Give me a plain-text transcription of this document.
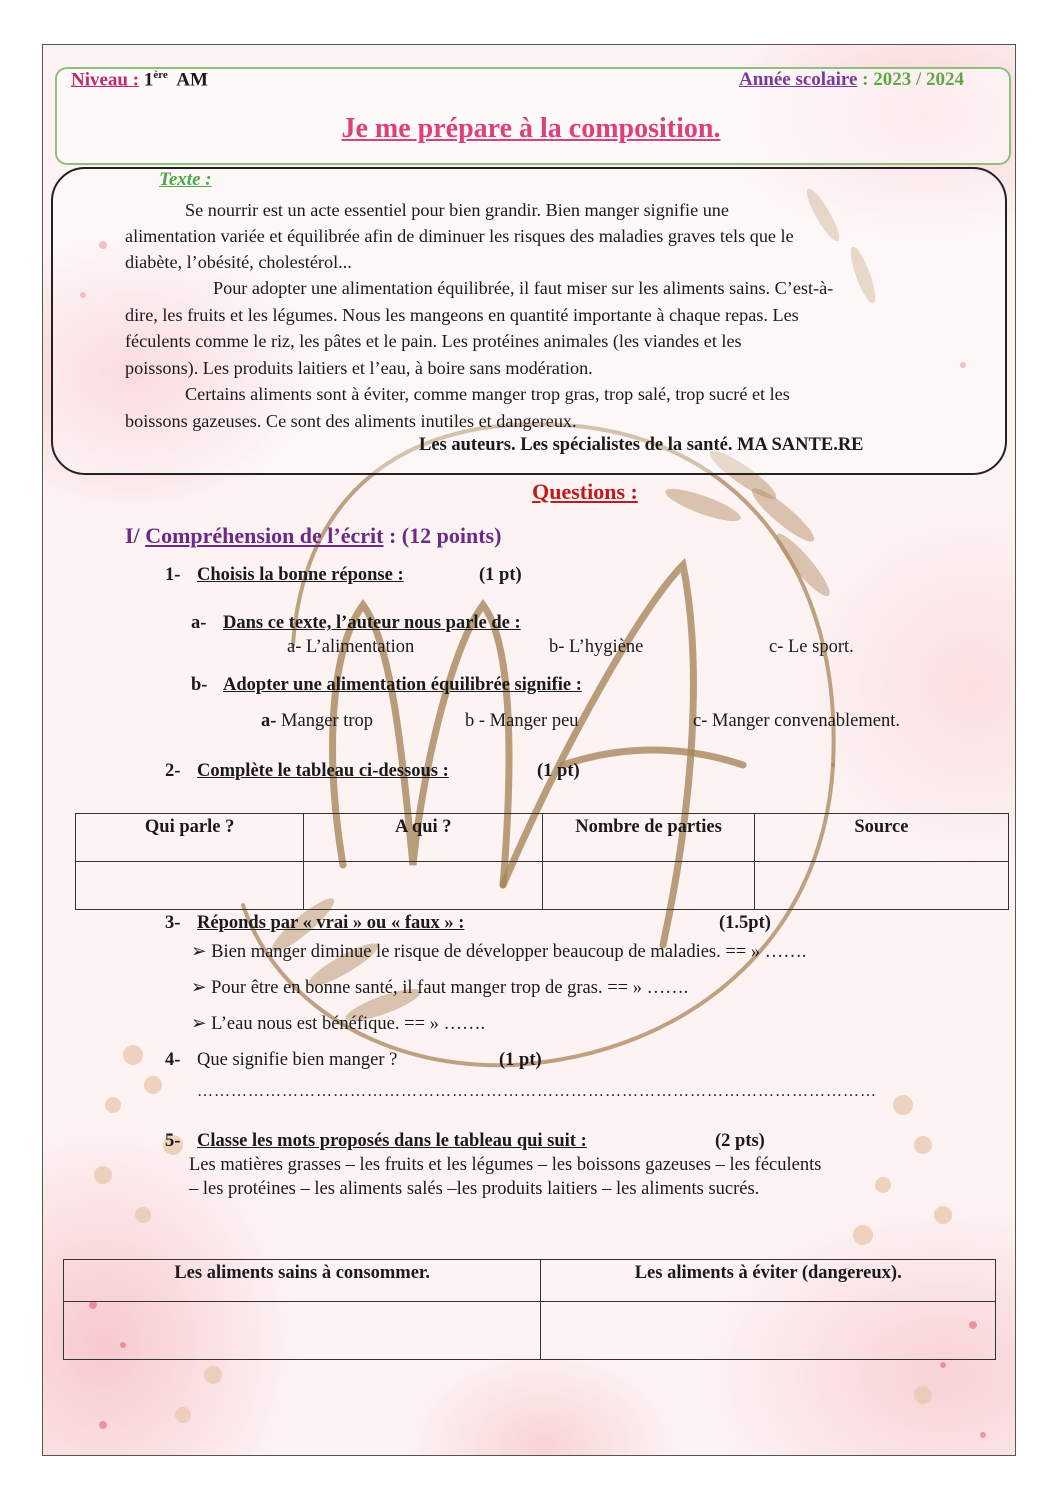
Niveau : 1ère AM	Année scolaire : 2023 / 2024
Je me prépare à la composition.
Texte :
Se nourrir est un acte essentiel pour bien grandir. Bien manger signifie une
alimentation variée et équilibrée afin de diminuer les risques des maladies graves tels que le
diabète, l’obésité, cholestérol...
Pour adopter une alimentation équilibrée, il faut miser sur les aliments sains. C’est-à-
dire, les fruits et les légumes. Nous les mangeons en quantité importante à chaque repas. Les
féculents comme le riz, les pâtes et le pain. Les protéines animales (les viandes et les
poissons). Les produits laitiers et l’eau, à boire sans modération.
Certains aliments sont à éviter, comme manger trop gras, trop salé, trop sucré et les
boissons gazeuses. Ce sont des aliments inutiles et dangereux.
Les auteurs. Les spécialistes de la santé. MA SANTE.RE
Questions :
I/ Compréhension de l’écrit : (12 points)
1- Choisis la bonne réponse :	(1 pt)
a- Dans ce texte, l’auteur nous parle de :
a- L’alimentation	b- L’hygiène	c- Le sport.
b- Adopter une alimentation équilibrée signifie :
a- Manger trop	b - Manger peu	c- Manger convenablement.
2- Complète le tableau ci-dessous :	(1 pt)
Qui parle ?	A qui ?	Nombre de parties	Source

3- Réponds par « vrai » ou « faux » :	(1.5pt)
➢ Bien manger diminue le risque de développer beaucoup de maladies. == » …….
➢ Pour être en bonne santé, il faut manger trop de gras. == » …….
➢ L’eau nous est bénéfique. == » …….
4- Que signifie bien manger ?	(1 pt)
…………………………………………………………………………………………………………
5- Classe les mots proposés dans le tableau qui suit :	(2 pts)
Les matières grasses – les fruits et les légumes – les boissons gazeuses – les féculents
– les protéines – les aliments salés –les produits laitiers – les aliments sucrés.
Les aliments sains à consommer.	Les aliments à éviter (dangereux).
